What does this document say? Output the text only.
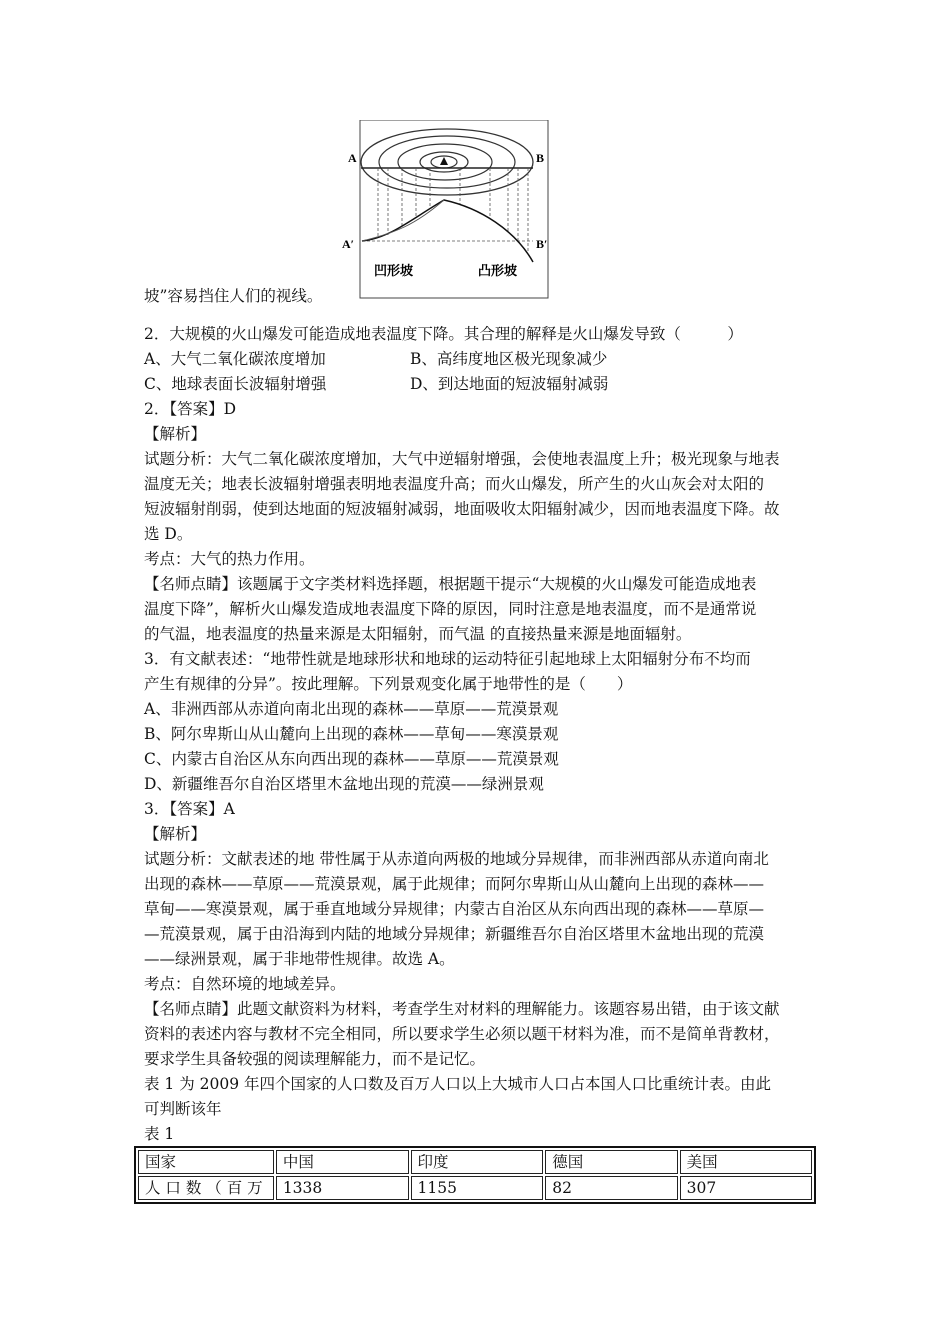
A	B
A′	B′
凹形坡	凸形坡
坡”容易挡住人们的视线。
2．大规模的火山爆发可能造成地表温度下降。其合理的解释是火山爆发导致（　　　）
A、大气二氧化碳浓度增加	B、高纬度地区极光现象减少
C、地球表面长波辐射增强	D、到达地面的短波辐射减弱
2．【答案】D
【解析】
试题分析：大气二氧化碳浓度增加，大气中逆辐射增强，会使地表温度上升；极光现象与地表
温度无关；地表长波辐射增强表明地表温度升高；而火山爆发，所产生的火山灰会对太阳的
短波辐射削弱，使到达地面的短波辐射减弱，地面吸收太阳辐射减少，因而地表温度下降。故
选 D。
考点：大气的热力作用。
【名师点睛】该题属于文字类材料选择题，根据题干提示“大规模的火山爆发可能造成地表
温度下降”，解析火山爆发造成地表温度下降的原因，同时注意是地表温度，而不是通常说
的气温，地表温度的热量来源是太阳辐射，而气温 的直接热量来源是地面辐射。
3．有文献表述：“地带性就是地球形状和地球的运动特征引起地球上太阳辐射分布不均而
产生有规律的分异”。按此理解。下列景观变化属于地带性的是（　　）
A、非洲西部从赤道向南北出现的森林——草原——荒漠景观
B、阿尔卑斯山从山麓向上出现的森林——草甸——寒漠景观
C、内蒙古自治区从东向西出现的森林——草原——荒漠景观
D、新疆维吾尔自治区塔里木盆地出现的荒漠——绿洲景观
3．【答案】A
【解析】
试题分析：文献表述的地 带性属于从赤道向两极的地域分异规律，而非洲西部从赤道向南北
出现的森林——草原——荒漠景观，属于此规律；而阿尔卑斯山从山麓向上出现的森林——
草甸——寒漠景观，属于垂直地域分异规律；内蒙古自治区从东向西出现的森林——草原—
—荒漠景观，属于由沿海到内陆的地域分异规律；新疆维吾尔自治区塔里木盆地出现的荒漠
——绿洲景观，属于非地带性规律。故选 A。
考点：自然环境的地域差异。
【名师点睛】此题文献资料为材料，考查学生对材料的理解能力。该题容易出错，由于该文献
资料的表述内容与教材不完全相同，所以要求学生必须以题干材料为准，而不是简单背教材，
要求学生具备较强的阅读理解能力，而不是记忆。
表 1 为 2009 年四个国家的人口数及百万人口以上大城市人口占本国人口比重统计表。由此
可判断该年
表 1
国家	中国	印度	德国	美国
人 口 数 （ 百 万	1338	1155	82	307
